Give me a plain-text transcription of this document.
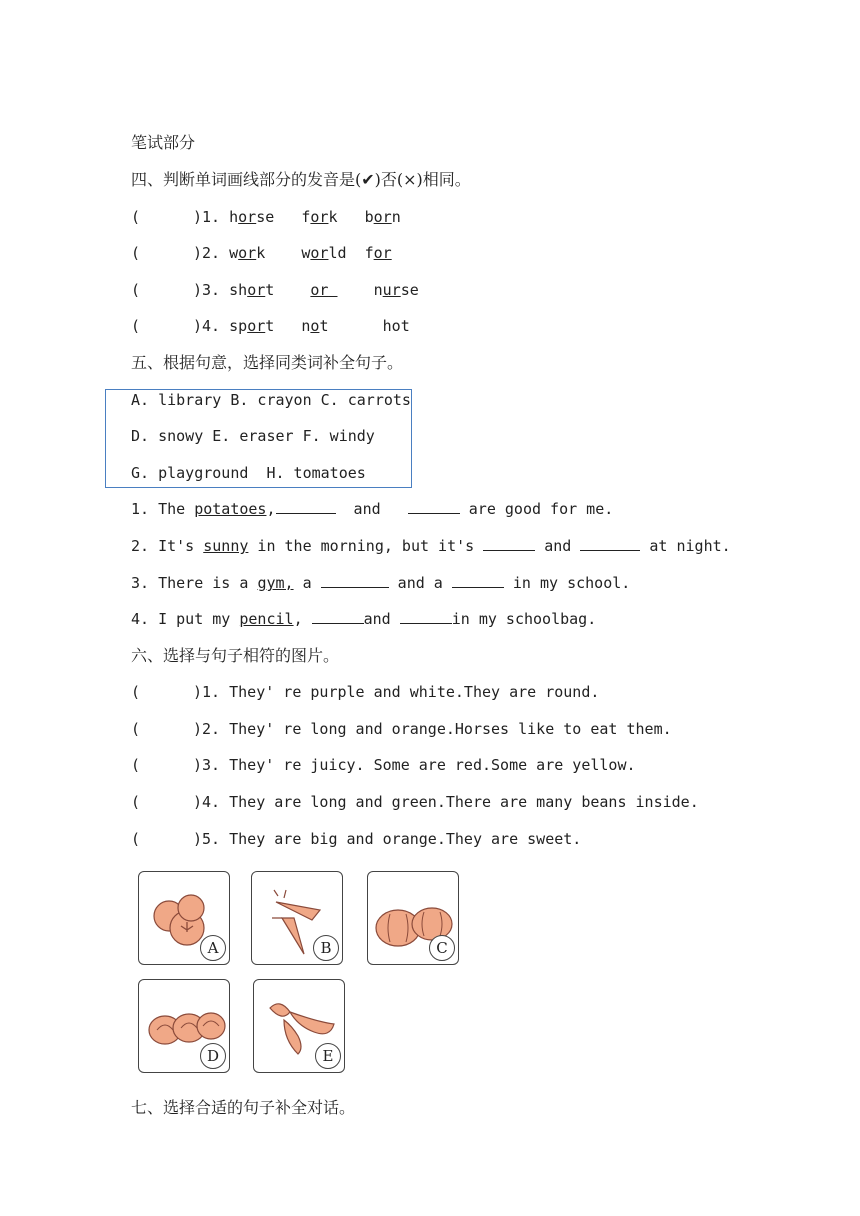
笔试部分
四、判断单词画线部分的发音是(✔)否(×)相同。
(	)1. horse fork born
(	)2. work world for
(	)3. short or	nurse
(	)4. sport not	hot
五、根据句意，选择同类词补全句子。
A. library B. crayon C. carrots
D. snowy E. eraser F. windy
G. playground  H. tomatoes
1. The potatoes,	and	are good for me.
2. It's sunny in the morning, but it's	and	at night.
3. There is a gym, a	and a	in my school.
4. I put my pencil,	and	in my schoolbag.
六、选择与句子相符的图片。
(	)1. They' re purple and white.They are round.
(	)2. They' re long and orange.Horses like to eat them.
(	)3. They' re juicy. Some are red.Some are yellow.
(	)4. They are long and green.There are many beans inside.
(	)5. They are big and orange.They are sweet.
A	B	C
D	E
七、选择合适的句子补全对话。
